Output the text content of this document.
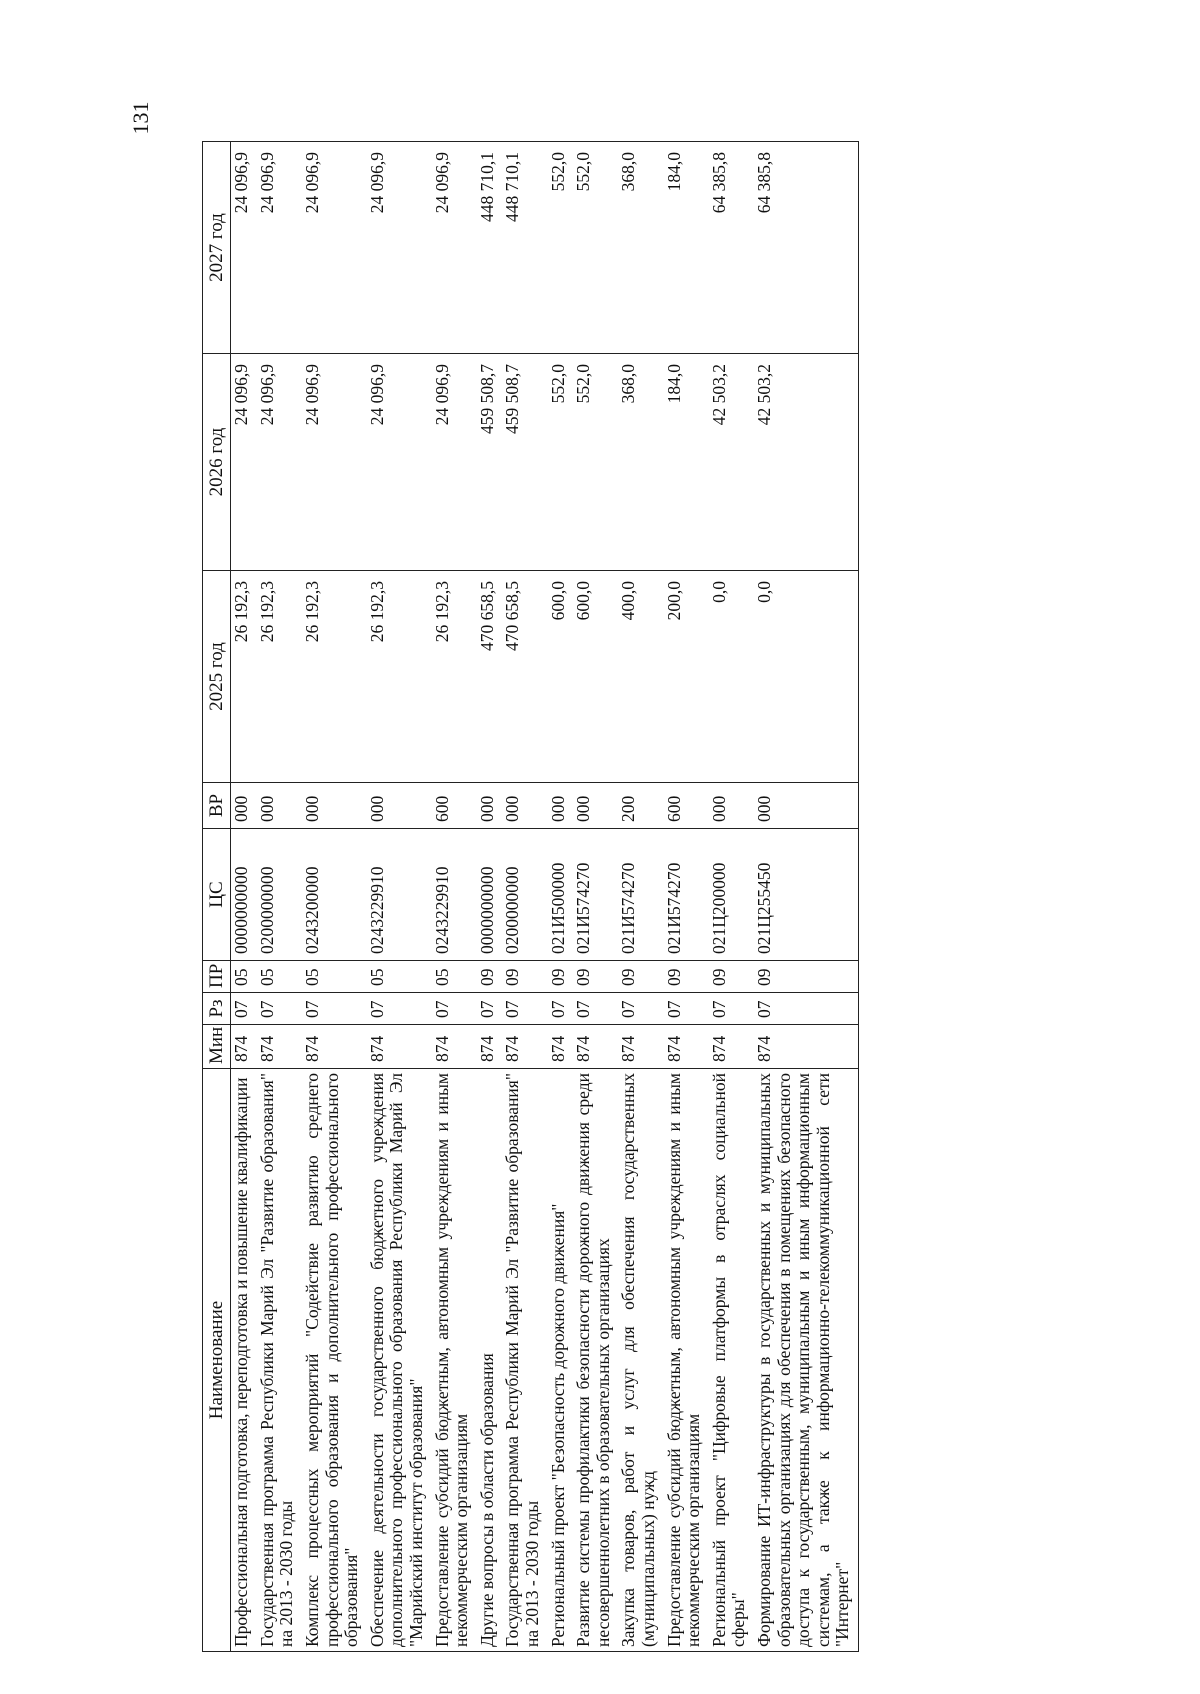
131
Наименование	Мин	Рз	ПР	ЦС	ВР	2025 год	2026 год	2027 год
Профессиональная подготовка, переподготовка и повышение квалификации	874	07	05	0000000000	000	26 192,3	24 096,9	24 096,9
Государственная программа Республики Марий Эл "Развитие образования" на 2013 - 2030 годы	874	07	05	0200000000	000	26 192,3	24 096,9	24 096,9
Комплекс процессных мероприятий "Содействие развитию среднего профессионального образования и дополнительного профессионального образования"	874	07	05	0243200000	000	26 192,3	24 096,9	24 096,9
Обеспечение деятельности государственного бюджетного учреждения дополнительного профессионального образования Республики Марий Эл "Марийский институт образования"	874	07	05	0243229910	000	26 192,3	24 096,9	24 096,9
Предоставление субсидий бюджетным, автономным учреждениям и иным некоммерческим организациям	874	07	05	0243229910	600	26 192,3	24 096,9	24 096,9
Другие вопросы в области образования	874	07	09	0000000000	000	470 658,5	459 508,7	448 710,1
Государственная программа Республики Марий Эл "Развитие образования" на 2013 - 2030 годы	874	07	09	0200000000	000	470 658,5	459 508,7	448 710,1
Региональный проект "Безопасность дорожного движения"	874	07	09	021И500000	000	600,0	552,0	552,0
Развитие системы профилактики безопасности дорожного движения среди несовершеннолетних в образовательных организациях	874	07	09	021И574270	000	600,0	552,0	552,0
Закупка товаров, работ и услуг для обеспечения государственных (муниципальных) нужд	874	07	09	021И574270	200	400,0	368,0	368,0
Предоставление субсидий бюджетным, автономным учреждениям и иным некоммерческим организациям	874	07	09	021И574270	600	200,0	184,0	184,0
Региональный проект "Цифровые платформы в отраслях социальной сферы"	874	07	09	021Ц200000	000	0,0	42 503,2	64 385,8
Формирование ИТ-инфраструктуры в государственных и муниципальных образовательных организациях для обеспечения в помещениях безопасного доступа к государственным, муниципальным и иным информационным системам, а также к информационно-телекоммуникационной сети "Интернет"	874	07	09	021Ц255450	000	0,0	42 503,2	64 385,8
